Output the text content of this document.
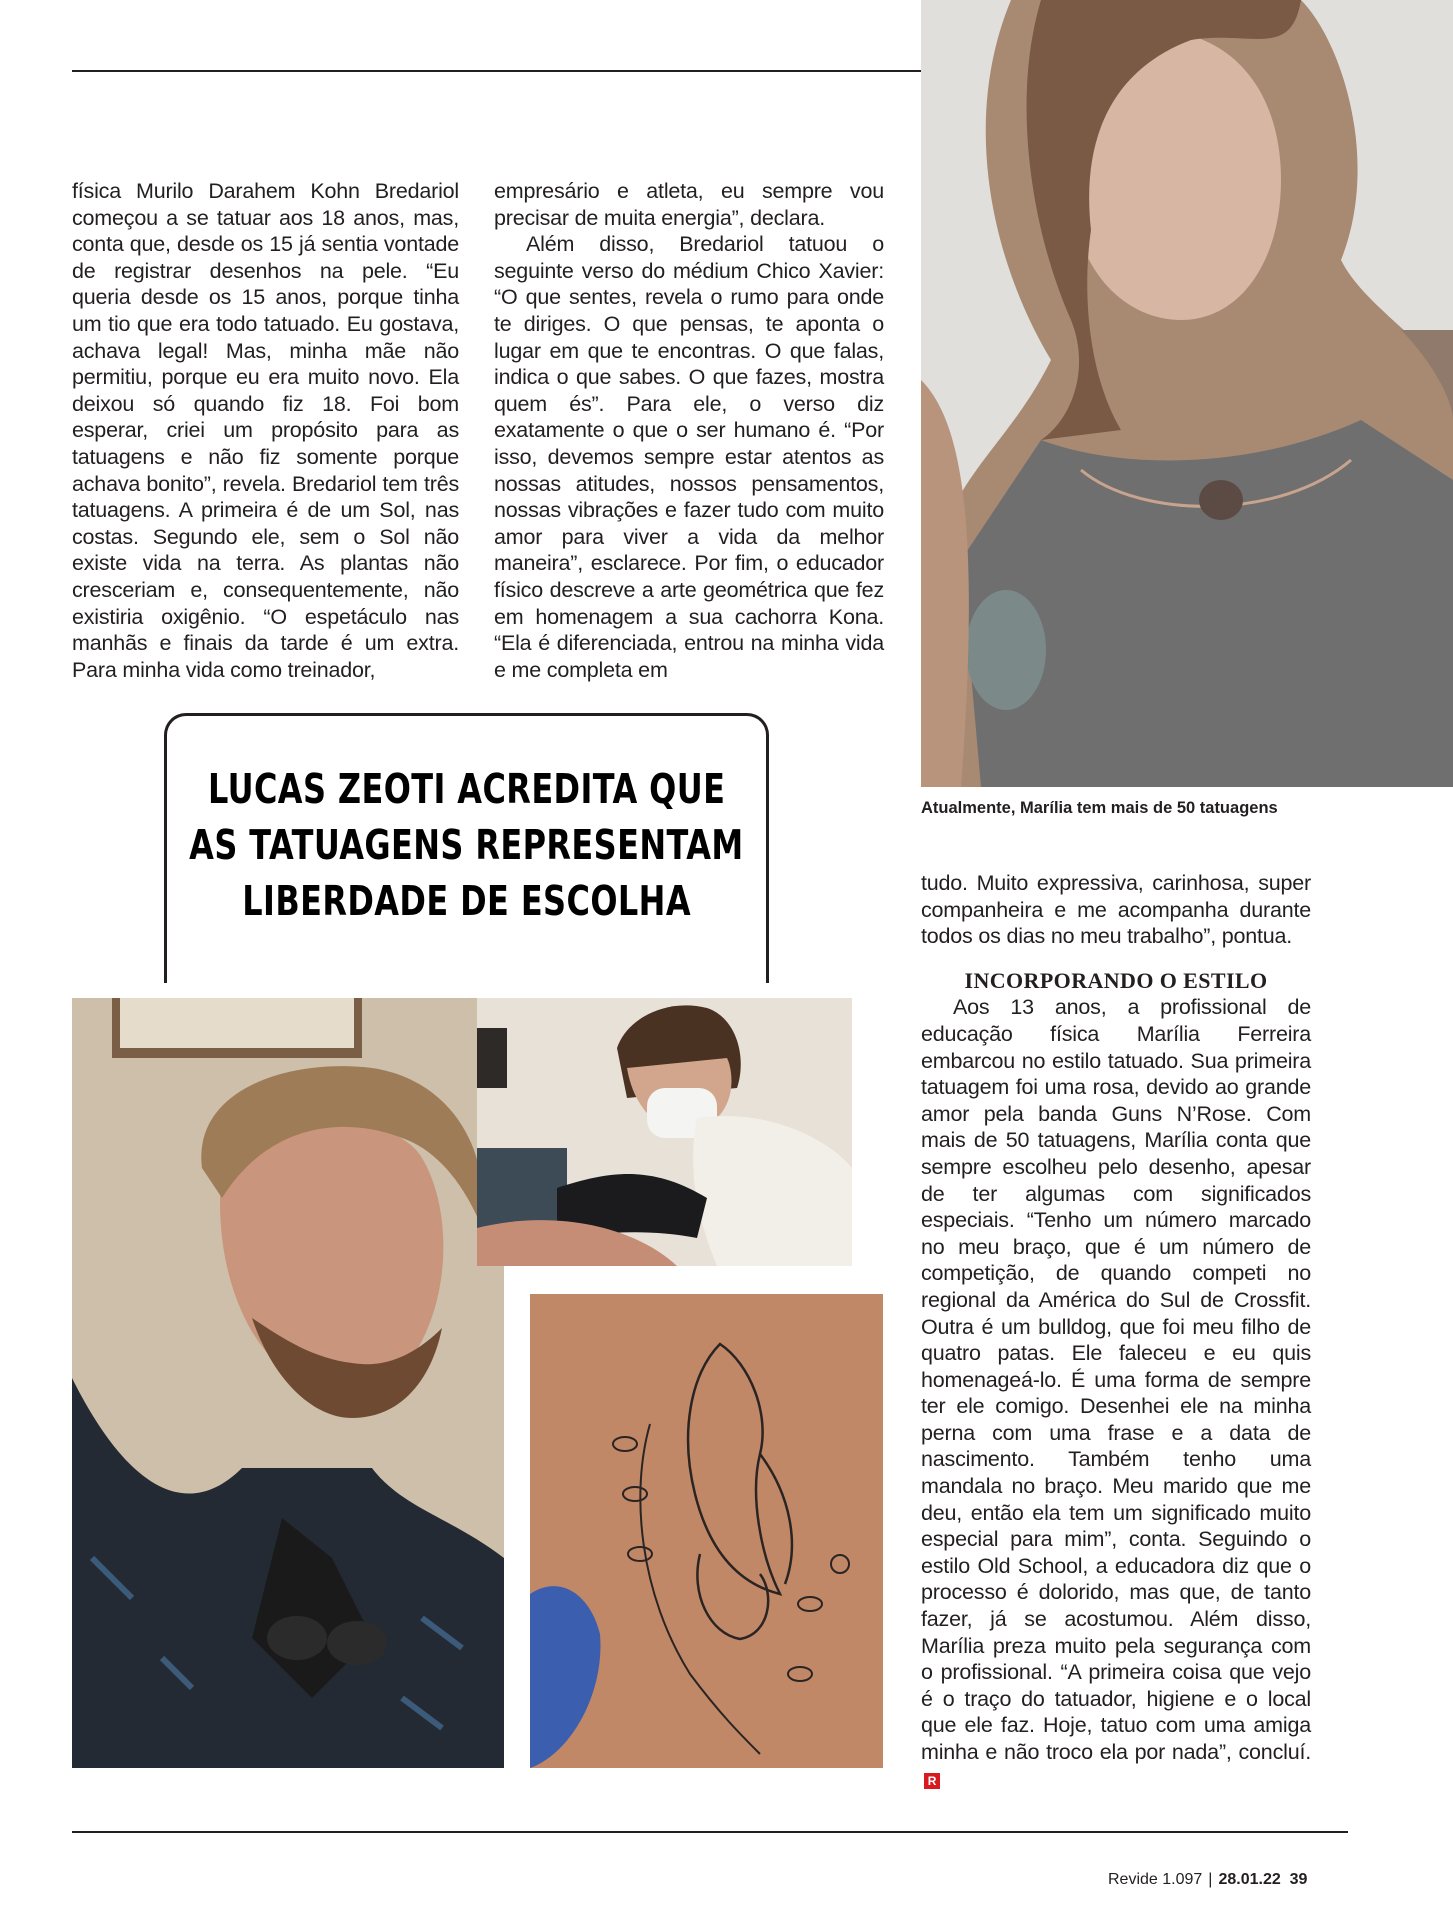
física Murilo Darahem Kohn Bredariol começou a se tatuar aos 18 anos, mas, conta que, desde os 15 já sentia vontade de registrar desenhos na pele. “Eu queria desde os 15 anos, porque tinha um tio que era todo tatuado. Eu gostava, achava legal! Mas, minha mãe não permitiu, porque eu era muito novo. Ela deixou só quando fiz 18. Foi bom esperar, criei um propósito para as tatuagens e não fiz somente porque achava bonito”, revela. Bredariol tem três tatuagens. A primeira é de um Sol, nas costas. Segundo ele, sem o Sol não existe vida na terra. As plantas não cresceriam e, consequentemente, não existiria oxigênio. “O espetáculo nas manhãs e finais da tarde é um extra. Para minha vida como treinador,

empresário e atleta, eu sempre vou precisar de muita energia”, declara.

Além disso, Bredariol tatuou o seguinte verso do médium Chico Xavier: “O que sentes, revela o rumo para onde te diriges. O que pensas, te aponta o lugar em que te encontras. O que falas, indica o que sabes. O que fazes, mostra quem és”. Para ele, o verso diz exatamente o que o ser humano é. “Por isso, devemos sempre estar atentos as nossas atitudes, nossos pensamentos, nossas vibrações e fazer tudo com muito amor para viver a vida da melhor maneira”, esclarece. Por fim, o educador físico descreve a arte geométrica que fez em homenagem a sua cachorra Kona. “Ela é diferenciada, entrou na minha vida e me completa em

Atualmente, Marília tem mais de 50 tatuagens

tudo. Muito expressiva, carinhosa, super companheira e me acompanha durante todos os dias no meu trabalho”, pontua.

INCORPORANDO O ESTILO

Aos 13 anos, a profissional de educação física Marília Ferreira embarcou no estilo tatuado. Sua primeira tatuagem foi uma rosa, devido ao grande amor pela banda Guns N’Rose. Com mais de 50 tatuagens, Marília conta que sempre escolheu pelo desenho, apesar de ter algumas com significados especiais. “Tenho um número marcado no meu braço, que é um número de competição, de quando competi no regional da América do Sul de Crossfit. Outra é um bulldog, que foi meu filho de quatro patas. Ele faleceu e eu quis homenageá-lo. É uma forma de sempre ter ele comigo. Desenhei ele na minha perna com uma frase e a data de nascimento. Também tenho uma mandala no braço. Meu marido que me deu, então ela tem um significado muito especial para mim”, conta. Seguindo o estilo Old School, a educadora diz que o processo é dolorido, mas que, de tanto fazer, já se acostumou. Além disso, Marília preza muito pela segurança com o profissional. “A primeira coisa que vejo é o traço do tatuador, higiene e o local que ele faz. Hoje, tatuo com uma amiga minha e não troco ela por nada”, concluí.R

LUCAS ZEOTI ACREDITA QUE
AS TATUAGENS REPRESENTAM
LIBERDADE DE ESCOLHA
Revide 1.097 | 28.01.22 39
